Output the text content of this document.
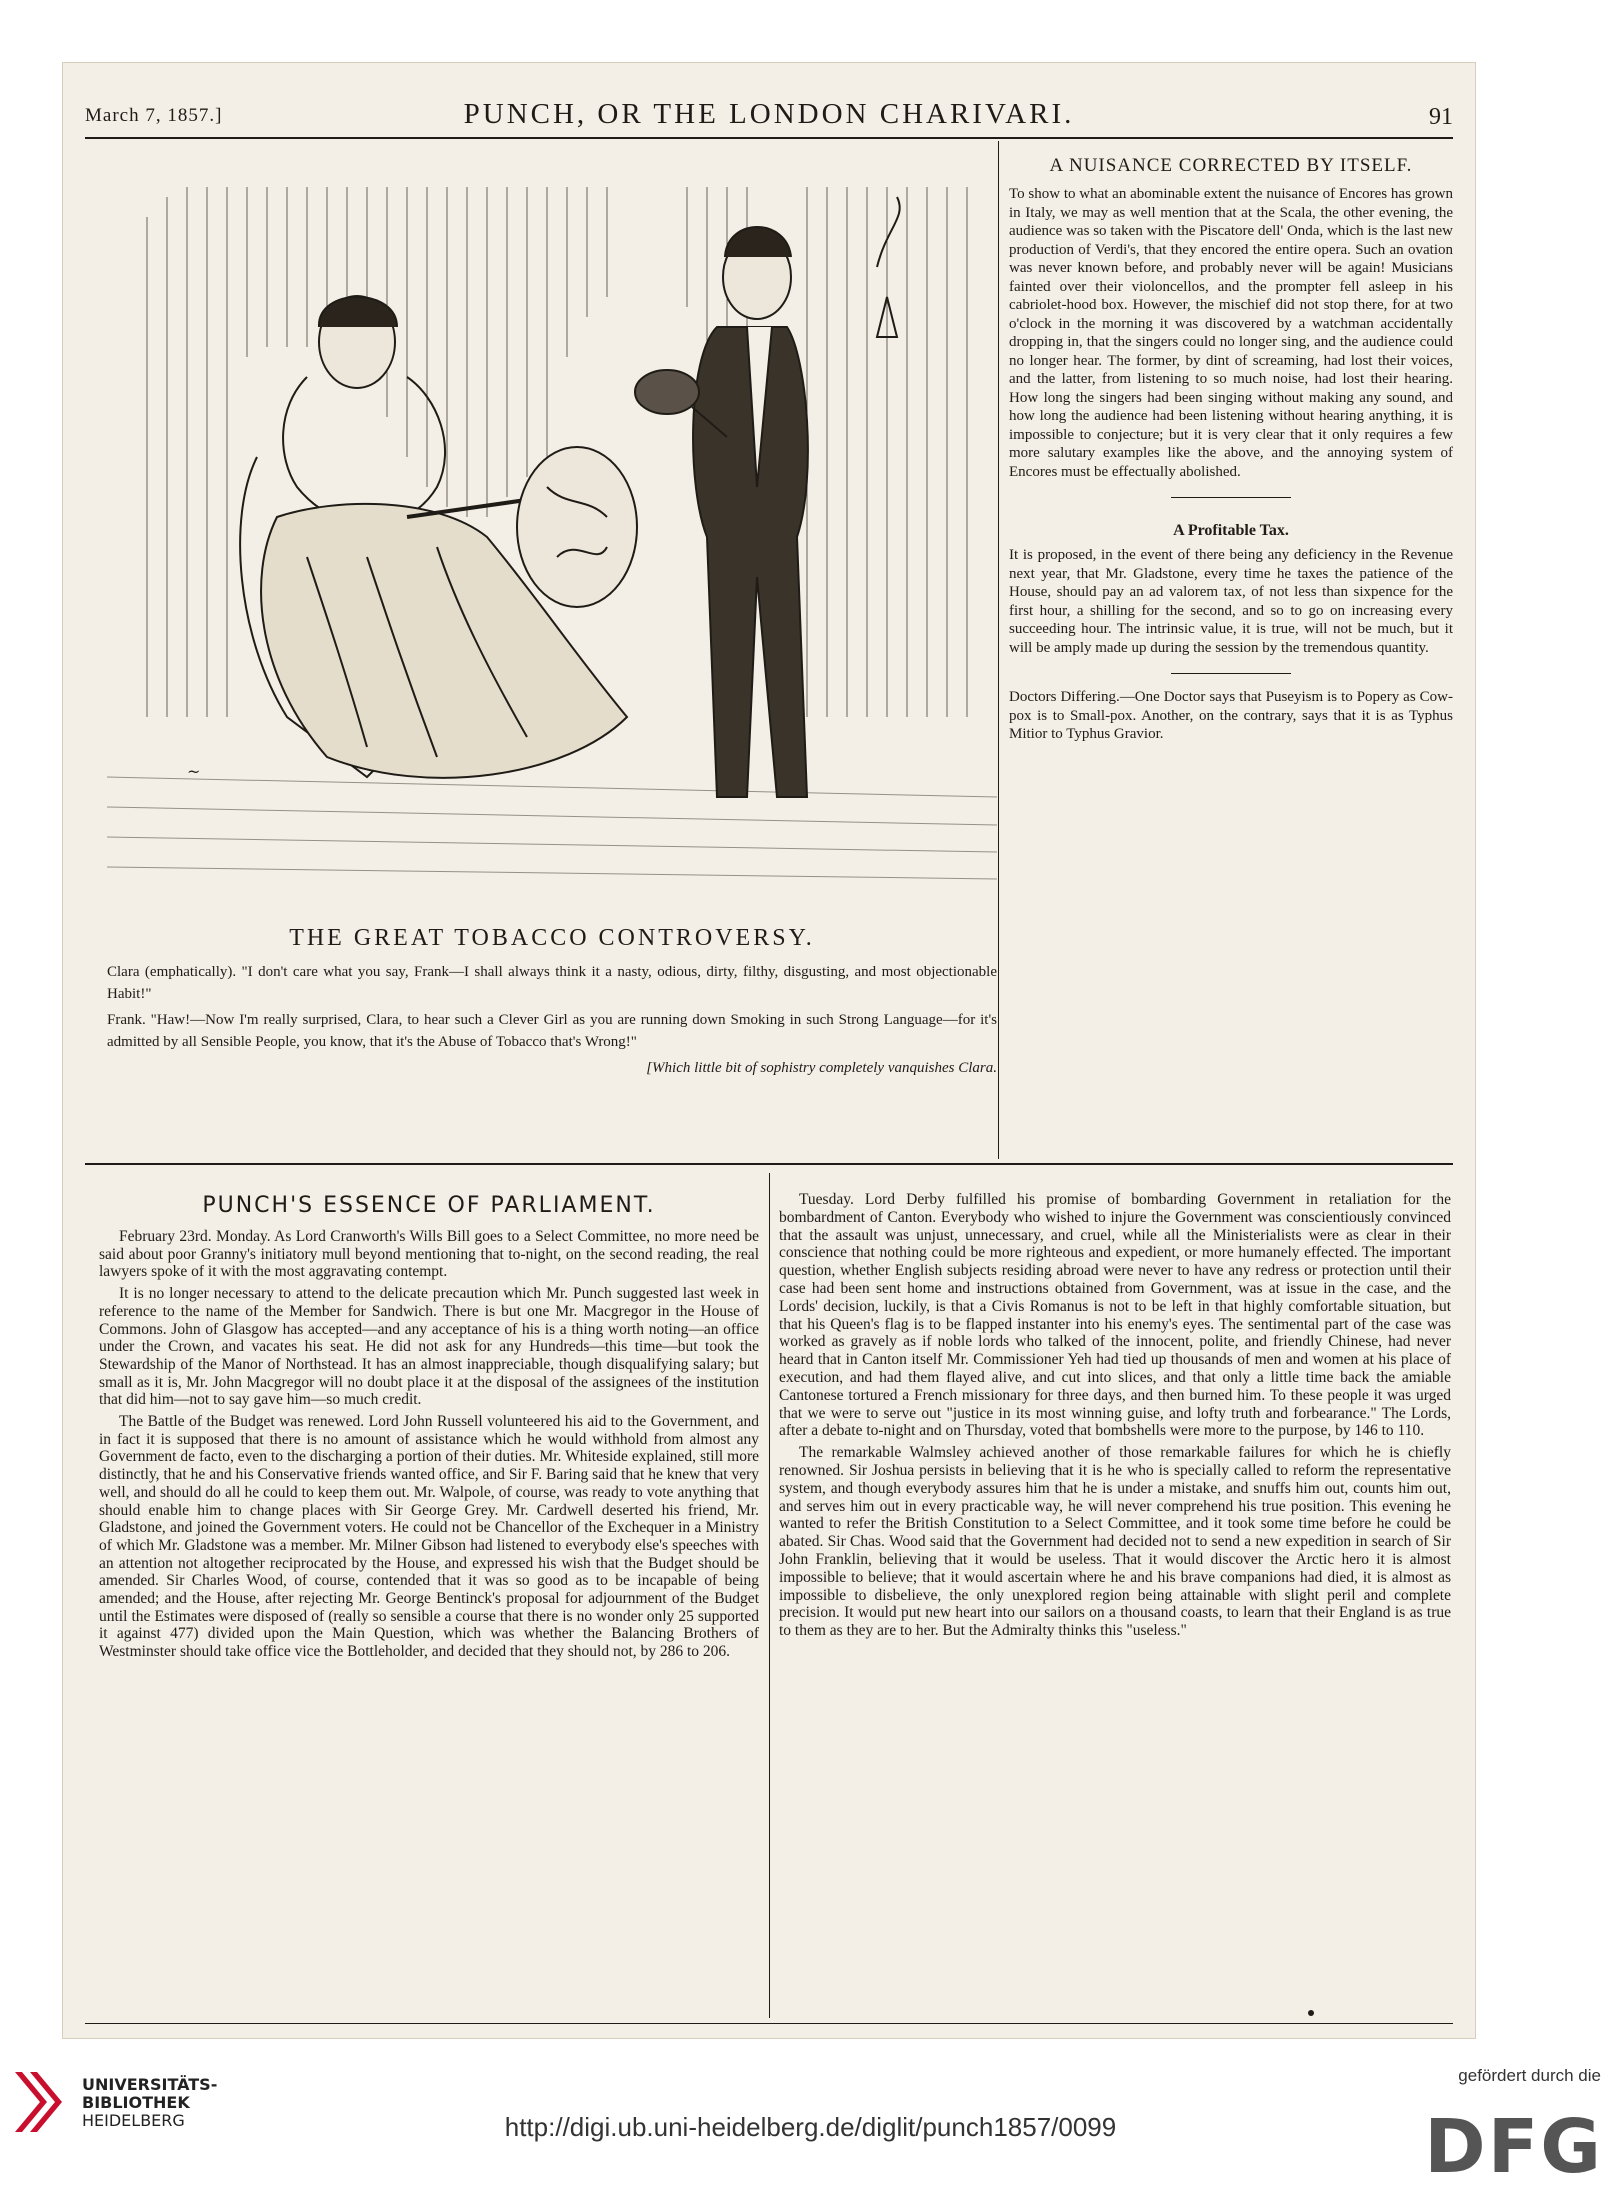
March 7, 1857.]	PUNCH, OR THE LONDON CHARIVARI.	91
~
THE GREAT TOBACCO CONTROVERSY.

Clara (emphatically). "I don't care what you say, Frank—I shall always think it a nasty, odious, dirty, filthy, disgusting, and most objectionable Habit!"

Frank. "Haw!—Now I'm really surprised, Clara, to hear such a Clever Girl as you are running down Smoking in such Strong Language—for it's admitted by all Sensible People, you know, that it's the Abuse of Tobacco that's Wrong!"

[Which little bit of sophistry completely vanquishes Clara.

A NUISANCE CORRECTED BY ITSELF.

To show to what an abominable extent the nuisance of Encores has grown in Italy, we may as well mention that at the Scala, the other evening, the audience was so taken with the Piscatore dell' Onda, which is the last new production of Verdi's, that they encored the entire opera. Such an ovation was never known before, and probably never will be again! Musicians fainted over their violoncellos, and the prompter fell asleep in his cabriolet-hood box. However, the mischief did not stop there, for at two o'clock in the morning it was discovered by a watchman accidentally dropping in, that the singers could no longer sing, and the audience could no longer hear. The former, by dint of screaming, had lost their voices, and the latter, from listening to so much noise, had lost their hearing. How long the singers had been singing without making any sound, and how long the audience had been listening without hearing anything, it is impossible to conjecture; but it is very clear that it only requires a few more salutary examples like the above, and the annoying system of Encores must be effectually abolished.

A Profitable Tax.

It is proposed, in the event of there being any deficiency in the Revenue next year, that Mr. Gladstone, every time he taxes the patience of the House, should pay an ad valorem tax, of not less than sixpence for the first hour, a shilling for the second, and so to go on increasing every succeeding hour. The intrinsic value, it is true, will not be much, but it will be amply made up during the session by the tremendous quantity.

Doctors Differing.—One Doctor says that Puseyism is to Popery as Cow-pox is to Small-pox. Another, on the contrary, says that it is as Typhus Mitior to Typhus Gravior.

PUNCH'S ESSENCE OF PARLIAMENT.

February 23rd. Monday. As Lord Cranworth's Wills Bill goes to a Select Committee, no more need be said about poor Granny's initiatory mull beyond mentioning that to-night, on the second reading, the real lawyers spoke of it with the most aggravating contempt.

It is no longer necessary to attend to the delicate precaution which Mr. Punch suggested last week in reference to the name of the Member for Sandwich. There is but one Mr. Macgregor in the House of Commons. John of Glasgow has accepted—and any acceptance of his is a thing worth noting—an office under the Crown, and vacates his seat. He did not ask for any Hundreds—this time—but took the Stewardship of the Manor of Northstead. It has an almost inappreciable, though disqualifying salary; but small as it is, Mr. John Macgregor will no doubt place it at the disposal of the assignees of the institution that did him—not to say gave him—so much credit.

The Battle of the Budget was renewed. Lord John Russell volunteered his aid to the Government, and in fact it is supposed that there is no amount of assistance which he would withhold from almost any Government de facto, even to the discharging a portion of their duties. Mr. Whiteside explained, still more distinctly, that he and his Conservative friends wanted office, and Sir F. Baring said that he knew that very well, and should do all he could to keep them out. Mr. Walpole, of course, was ready to vote anything that should enable him to change places with Sir George Grey. Mr. Cardwell deserted his friend, Mr. Gladstone, and joined the Government voters. He could not be Chancellor of the Exchequer in a Ministry of which Mr. Gladstone was a member. Mr. Milner Gibson had listened to everybody else's speeches with an attention not altogether reciprocated by the House, and expressed his wish that the Budget should be amended. Sir Charles Wood, of course, contended that it was so good as to be incapable of being amended; and the House, after rejecting Mr. George Bentinck's proposal for adjournment of the Budget until the Estimates were disposed of (really so sensible a course that there is no wonder only 25 supported it against 477) divided upon the Main Question, which was whether the Balancing Brothers of Westminster should take office vice the Bottleholder, and decided that they should not, by 286 to 206.

Tuesday. Lord Derby fulfilled his promise of bombarding Government in retaliation for the bombardment of Canton. Everybody who wished to injure the Government was conscientiously convinced that the assault was unjust, unnecessary, and cruel, while all the Ministerialists were as clear in their conscience that nothing could be more righteous and expedient, or more humanely effected. The important question, whether English subjects residing abroad were never to have any redress or protection until their case had been sent home and instructions obtained from Government, was at issue in the case, and the Lords' decision, luckily, is that a Civis Romanus is not to be left in that highly comfortable situation, but that his Queen's flag is to be flapped instanter into his enemy's eyes. The sentimental part of the case was worked as gravely as if noble lords who talked of the innocent, polite, and friendly Chinese, had never heard that in Canton itself Mr. Commissioner Yeh had tied up thousands of men and women at his place of execution, and had them flayed alive, and cut into slices, and that only a little time back the amiable Cantonese tortured a French missionary for three days, and then burned him. To these people it was urged that we were to serve out "justice in its most winning guise, and lofty truth and forbearance." The Lords, after a debate to-night and on Thursday, voted that bombshells were more to the purpose, by 146 to 110.

The remarkable Walmsley achieved another of those remarkable failures for which he is chiefly renowned. Sir Joshua persists in believing that it is he who is specially called to reform the representative system, and though everybody assures him that he is under a mistake, and snuffs him out, counts him out, and serves him out in every practicable way, he will never comprehend his true position. This evening he wanted to refer the British Constitution to a Select Committee, and it took some time before he could be abated. Sir Chas. Wood said that the Government had decided not to send a new expedition in search of Sir John Franklin, believing that it would be useless. That it would discover the Arctic hero it is almost impossible to believe; that it would ascertain where he and his brave companions had died, it is almost as impossible to disbelieve, the only unexplored region being attainable with slight peril and complete precision. It would put new heart into our sailors on a thousand coasts, to learn that their England is as true to them as they are to her. But the Admiralty thinks this "useless."

UNIVERSITÄTS-
BIBLIOTHEK
HEIDELBERG	http://digi.ub.uni-heidelberg.de/diglit/punch1857/0099
gefördert durch die
DFG
